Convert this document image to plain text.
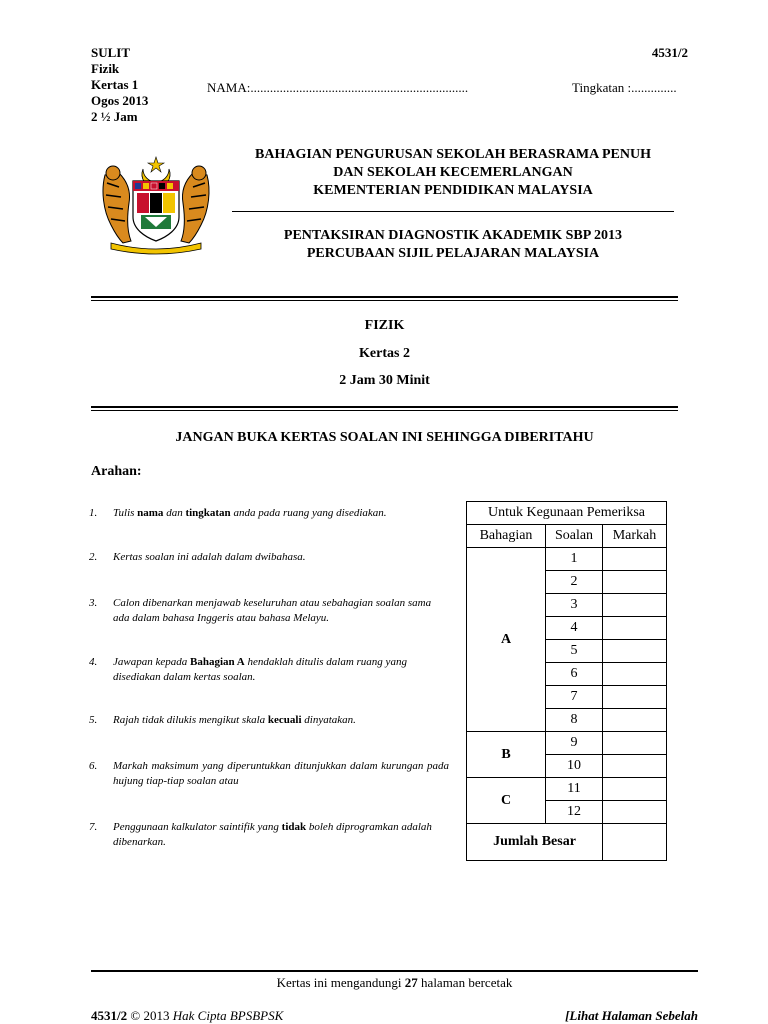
SULIT
Fizik
Kertas 1
Ogos 2013
2 ½ Jam
4531/2
NAMA:...................................................................	Tingkatan :..............
BAHAGIAN PENGURUSAN SEKOLAH BERASRAMA PENUH
DAN SEKOLAH KECEMERLANGAN
KEMENTERIAN PENDIDIKAN MALAYSIA
PENTAKSIRAN DIAGNOSTIK AKADEMIK SBP 2013
PERCUBAAN SIJIL PELAJARAN MALAYSIA
FIZIK
Kertas 2
2 Jam 30 Minit
JANGAN BUKA KERTAS SOALAN INI SEHINGGA DIBERITAHU
Arahan:
1. Tulis nama dan tingkatan anda pada ruang yang disediakan.
2. Kertas soalan ini adalah dalam dwibahasa.
3. Calon dibenarkan menjawab keseluruhan atau sebahagian soalan sama ada dalam bahasa Inggeris atau bahasa Melayu.
4. Jawapan kepada Bahagian A hendaklah ditulis dalam ruang yang disediakan dalam kertas soalan.
5. Rajah tidak dilukis mengikut skala kecuali dinyatakan.
6. Markah maksimum yang diperuntukkan ditunjukkan dalam kurungan pada hujung tiap-tiap soalan atau
7. Penggunaan kalkulator saintifik yang tidak boleh diprogramkan adalah dibenarkan.
Untuk Kegunaan Pemeriksa		
Bahagian	Soalan	Markah
A	1	
	2	
	3	
	4	
	5	
	6	
	7	
	8	
B	9	
	10	
C	11	
	12	
Jumlah Besar		
Kertas ini mengandungi 27 halaman bercetak
4531/2 © 2013 Hak Cipta BPSBPSK	[Lihat Halaman Sebelah
